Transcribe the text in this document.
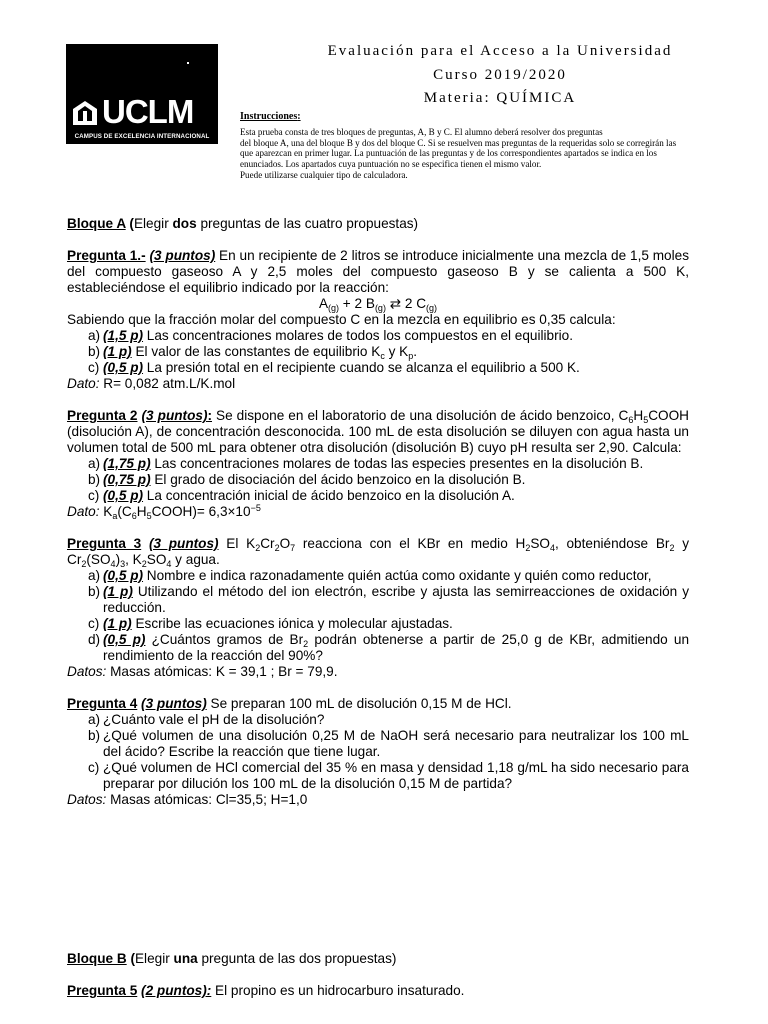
UCLM
CAMPUS DE EXCELENCIA INTERNACIONAL
Evaluación para el Acceso a la Universidad
Curso 2019/2020
Materia: QUÍMICA
Instrucciones:
Esta prueba consta de tres bloques de preguntas, A, B y C. El alumno deberá resolver dos preguntas
del bloque A, una del bloque B y dos del bloque C. Si se resuelven mas preguntas de la requeridas solo se corregirán las
que aparezcan en primer lugar. La puntuación de las preguntas y de los correspondientes apartados se indica en los
enunciados. Los apartados cuya puntuación no se especifica tienen el mismo valor.
Puede utilizarse cualquier tipo de calculadora.
Bloque A (Elegir dos preguntas de las cuatro propuestas)
Pregunta 1.- (3 puntos) En un recipiente de 2 litros se introduce inicialmente una mezcla de 1,5 moles del compuesto gaseoso A y 2,5 moles del compuesto gaseoso B y se calienta a 500 K, estableciéndose el equilibrio indicado por la reacción:
$A_{(g)} + 2$ $B_{(g)}$ ⇄ 2 $C_{(g)}$
Sabiendo que la fracción molar del compuesto C en la mezcla en equilibrio es 0,35 calcula:
a) (1,5 p) Las concentraciones molares de todos los compuestos en el equilibrio.
b) (1 p) El valor de las constantes de equilibrio $K_c$ y $K_p$.
c) (0,5 p) La presión total en el recipiente cuando se alcanza el equilibrio a 500 K.
Dato: R= 0,082 atm.L/K.mol
Pregunta 2 (3 puntos): Se dispone en el laboratorio de una disolución de ácido benzoico, $C_6H_5COOH$ (disolución A), de concentración desconocida. 100 mL de esta disolución se diluyen con agua hasta un volumen total de 500 mL para obtener otra disolución (disolución B) cuyo pH resulta ser 2,90. Calcula:
a) (1,75 p) Las concentraciones molares de todas las especies presentes en la disolución B.
b) (0,75 p) El grado de disociación del ácido benzoico en la disolución B.
c) (0,5 p) La concentración inicial de ácido benzoico en la disolución A.
Dato: $K_a(C_6H_5COOH)= 6,3\times 10^{-5}$
Pregunta 3 (3 puntos) El $K_2Cr_2O_7$ reacciona con el KBr en medio $H_2SO_4$, obteniéndose $Br_2$ y $Cr_2(SO_4)_3$, $K_2SO_4$ y agua.
a) (0,5 p) Nombre e indica razonadamente quién actúa como oxidante y quién como reductor,
b) (1 p) Utilizando el método del ion electrón, escribe y ajusta las semirreacciones de oxidación y reducción.
c) (1 p) Escribe las ecuaciones iónica y molecular ajustadas.
d) (0,5 p) ¿Cuántos gramos de $Br_2$ podrán obtenerse a partir de 25,0 g de KBr, admitiendo un rendimiento de la reacción del 90%?
Datos: Masas atómicas: K = 39,1 ; Br = 79,9.
Pregunta 4 (3 puntos) Se preparan 100 mL de disolución 0,15 M de HCl.
a) ¿Cuánto vale el pH de la disolución?
b) ¿Qué volumen de una disolución 0,25 M de NaOH será necesario para neutralizar los 100 mL del ácido? Escribe la reacción que tiene lugar.
c) ¿Qué volumen de HCl comercial del 35 % en masa y densidad 1,18 g/mL ha sido necesario para preparar por dilución los 100 mL de la disolución 0,15 M de partida?
Datos: Masas atómicas: Cl=35,5; H=1,0
Bloque B (Elegir una pregunta de las dos propuestas)
Pregunta 5 (2 puntos): El propino es un hidrocarburo insaturado.
